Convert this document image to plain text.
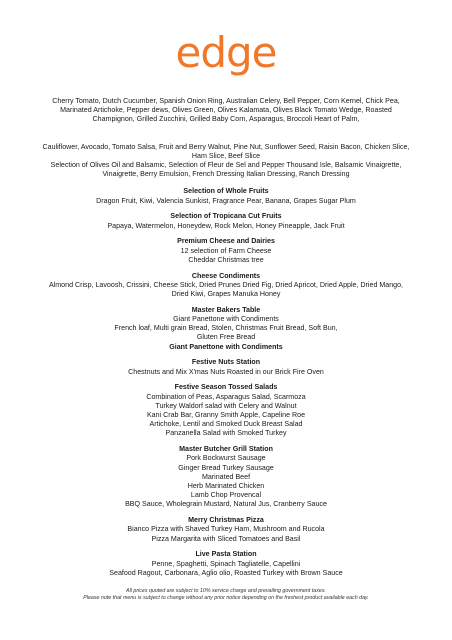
edge

Cherry Tomato, Dutch Cucumber, Spanish Onion Ring, Australian Celery, Bell Pepper, Corn Kernel, Chick Pea,

Marinated Artichoke, Pepper dews, Olives Green, Olives Kalamata, Olives Black Tomato Wedge, Roasted

Champignon, Grilled Zucchini, Grilled Baby Corn, Asparagus, Broccoli Heart of Palm,

Cauliflower, Avocado, Tomato Salsa, Fruit and Berry Walnut, Pine Nut, Sunflower Seed, Raisin Bacon, Chicken Slice,

Ham Slice, Beef Slice

Selection of Olives Oil and Balsamic, Selection of Fleur de Sel and Pepper Thousand Isle, Balsamic Vinaigrette,

Vinaigrette, Berry Emulsion, French Dressing Italian Dressing, Ranch Dressing

Selection of Whole Fruits

Dragon Fruit, Kiwi, Valencia Sunkist, Fragrance Pear, Banana, Grapes Sugar Plum

Selection of Tropicana Cut Fruits

Papaya, Watermelon, Honeydew, Rock Melon, Honey Pineapple, Jack Fruit

Premium Cheese and Dairies

12 selection of Farm Cheese

Cheddar Christmas tree

Cheese Condiments

Almond Crisp, Lavoosh, Crissini, Cheese Stick, Dried Prunes Dried Fig, Dried Apricot, Dried Apple, Dried Mango,

Dried Kiwi, Grapes Manuka Honey

Master Bakers Table

Giant Panettone with Condiments

French loaf, Multi grain Bread, Stolen, Christmas Fruit Bread, Soft Bun,

Gluten Free Bread

Giant Panettone with Condiments

Festive Nuts Station

Chestnuts and Mix X'mas Nuts Roasted in our Brick Fire Oven

Festive Season Tossed Salads

Combination of Peas, Asparagus Salad, Scarmoza

Turkey Waldorf salad with Celery and Walnut

Kani Crab Bar, Granny Smith Apple, Capeline Roe

Artichoke, Lentil and Smoked Duck Breast Salad

Panzanella Salad with Smoked Turkey

Master Butcher Grill Station

Pork Bockwurst Sausage

Ginger Bread Turkey Sausage

Marinated Beef

Herb Marinated Chicken

Lamb Chop Provencal

BBQ Sauce, Wholegrain Mustard, Natural Jus, Cranberry Sauce

Merry Christmas Pizza

Bianco Pizza with Shaved Turkey Ham, Mushroom and Rucola

Pizza Margarita with Sliced Tomatoes and Basil

Live Pasta Station

Penne, Spaghetti, Spinach Tagliatelle, Capellini

Seafood Ragout, Carbonara, Aglio olio, Roasted Turkey with Brown Sauce

All prices quoted are subject to 10% service charge and prevailing government taxes.

Please note that menu is subject to change without any prior notice depending on the freshest product available each day.
